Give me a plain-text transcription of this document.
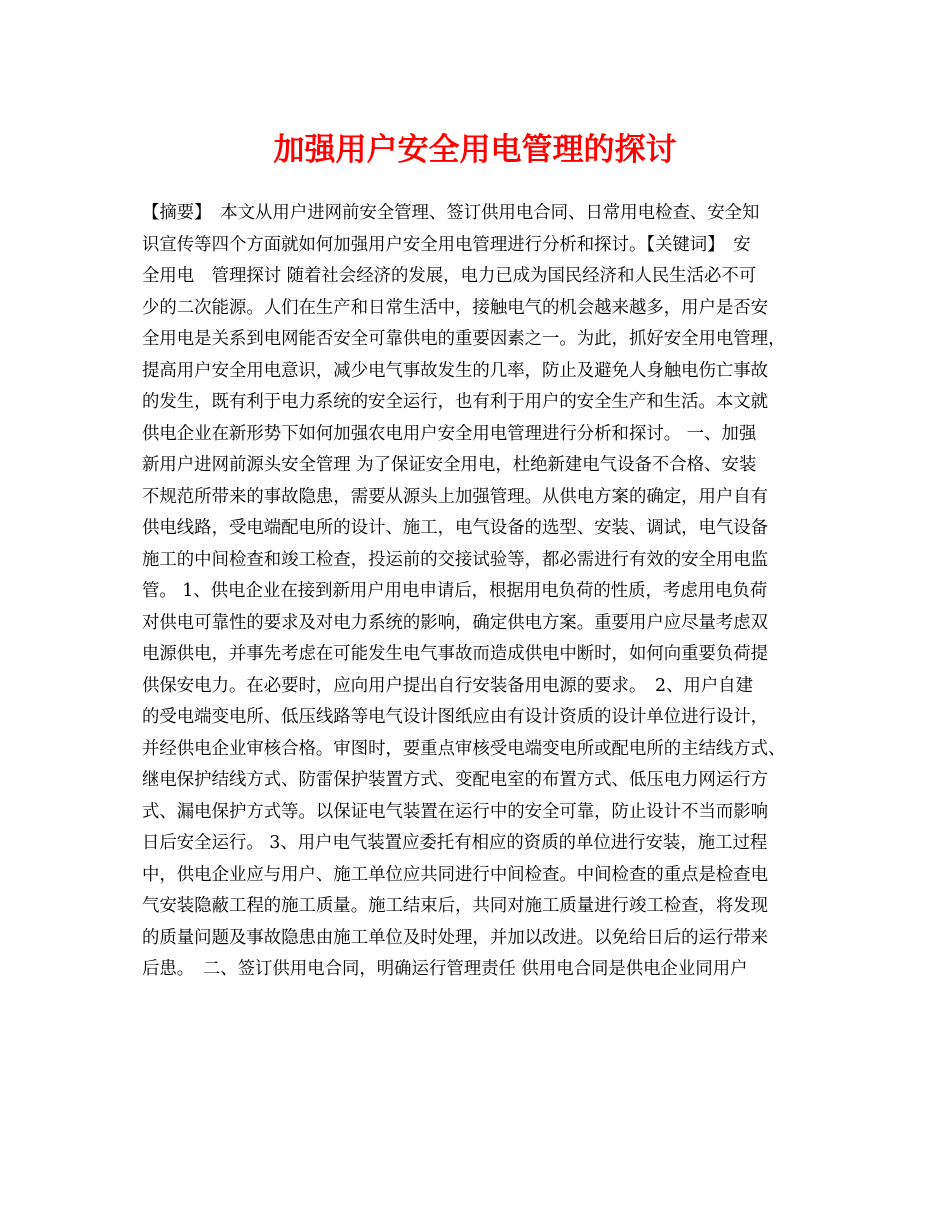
加强用户安全用电管理的探讨
【摘要】　本文从用户进网前安全管理、签订供用电合同、日常用电检查、安全知
识宣传等四个方面就如何加强用户安全用电管理进行分析和探讨。【关键词】　安
全用电　管理探讨 随着社会经济的发展，电力已成为国民经济和人民生活必不可
少的二次能源。人们在生产和日常生活中，接触电气的机会越来越多，用户是否安
全用电是关系到电网能否安全可靠供电的重要因素之一。为此，抓好安全用电管理，
提高用户安全用电意识，减少电气事故发生的几率，防止及避免人身触电伤亡事故
的发生，既有利于电力系统的安全运行，也有利于用户的安全生产和生活。本文就
供电企业在新形势下如何加强农电用户安全用电管理进行分析和探讨。 一、加强
新用户进网前源头安全管理 为了保证安全用电，杜绝新建电气设备不合格、安装
不规范所带来的事故隐患，需要从源头上加强管理。从供电方案的确定，用户自有
供电线路，受电端配电所的设计、施工，电气设备的选型、安装、调试，电气设备
施工的中间检查和竣工检查，投运前的交接试验等，都必需进行有效的安全用电监
管。 1、供电企业在接到新用户用电申请后，根据用电负荷的性质，考虑用电负荷
对供电可靠性的要求及对电力系统的影响，确定供电方案。重要用户应尽量考虑双
电源供电，并事先考虑在可能发生电气事故而造成供电中断时，如何向重要负荷提
供保安电力。在必要时，应向用户提出自行安装备用电源的要求。　2、用户自建
的受电端变电所、低压线路等电气设计图纸应由有设计资质的设计单位进行设计，
并经供电企业审核合格。审图时，要重点审核受电端变电所或配电所的主结线方式、
继电保护结线方式、防雷保护装置方式、变配电室的布置方式、低压电力网运行方
式、漏电保护方式等。以保证电气装置在运行中的安全可靠，防止设计不当而影响
日后安全运行。 3、用户电气装置应委托有相应的资质的单位进行安装，施工过程
中，供电企业应与用户、施工单位应共同进行中间检查。中间检查的重点是检查电
气安装隐蔽工程的施工质量。施工结束后，共同对施工质量进行竣工检查，将发现
的质量问题及事故隐患由施工单位及时处理，并加以改进。以免给日后的运行带来
后患。　二、签订供用电合同，明确运行管理责任 供用电合同是供电企业同用户
